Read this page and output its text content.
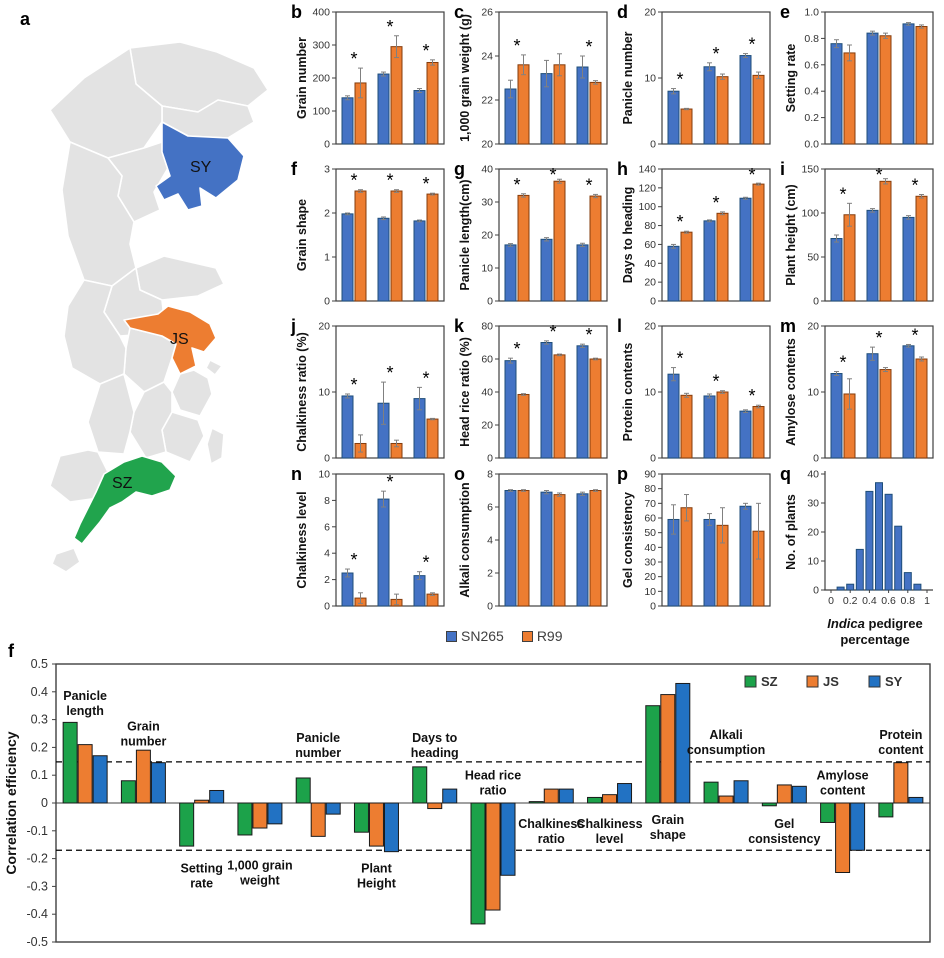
a
SY
JS
SZ
b
0
100
200
300
400
Grain number *
*
*
c
20
22
24
26
1,000 grain weight (g) *	*
d
0
10
20
Panicle number *
* *
e
0.0
0.2
0.4
0.6
0.8
1.0
Setting rate
f
0
1
2
3
Grain shape
* * *
g
0
10
20
30
40
Panicle length(cm) * *
*
h
0
20
40
60
80
100
120
140
Days to heading *
*
* i
0
50
100
150
Plant height (cm) *
*
*
j
0
10
20
Chalkiness ratio (%) *
* *
k
0
20
40
60
80
Head rice ratio (%) *
* * l
0
10
20
Protein contents *
*
*
m
0
10
20
Amylose contents *
* *
n
0
2
4
6
8
10
Chalkiness level *
*
*
o
0
2
4
6
8
Alkali consumption
p
0
10
20
30
40
50
60
70
80
90
Gel consistency
q
0
10
20
30
40
No. of plants
0 0.2 0.4 0.6 0.8 1
Indica pedigree
percentage
SN265 R99
f
0.5
0.4
0.3
0.2
0.1
0
-0.1
-0.2
-0.3
-0.4
-0.5
Correlation efficiency
Panicle length
Grain number
Setting rate
1,000 grain weight
Panicle number
Plant Height
Days to heading
Head rice ratio
Chalkiness ratio
Chalkiness level
Grain shape
Alkali consumption
Gel consistency
Amylose content
Protein content
SZ	JS	SY
